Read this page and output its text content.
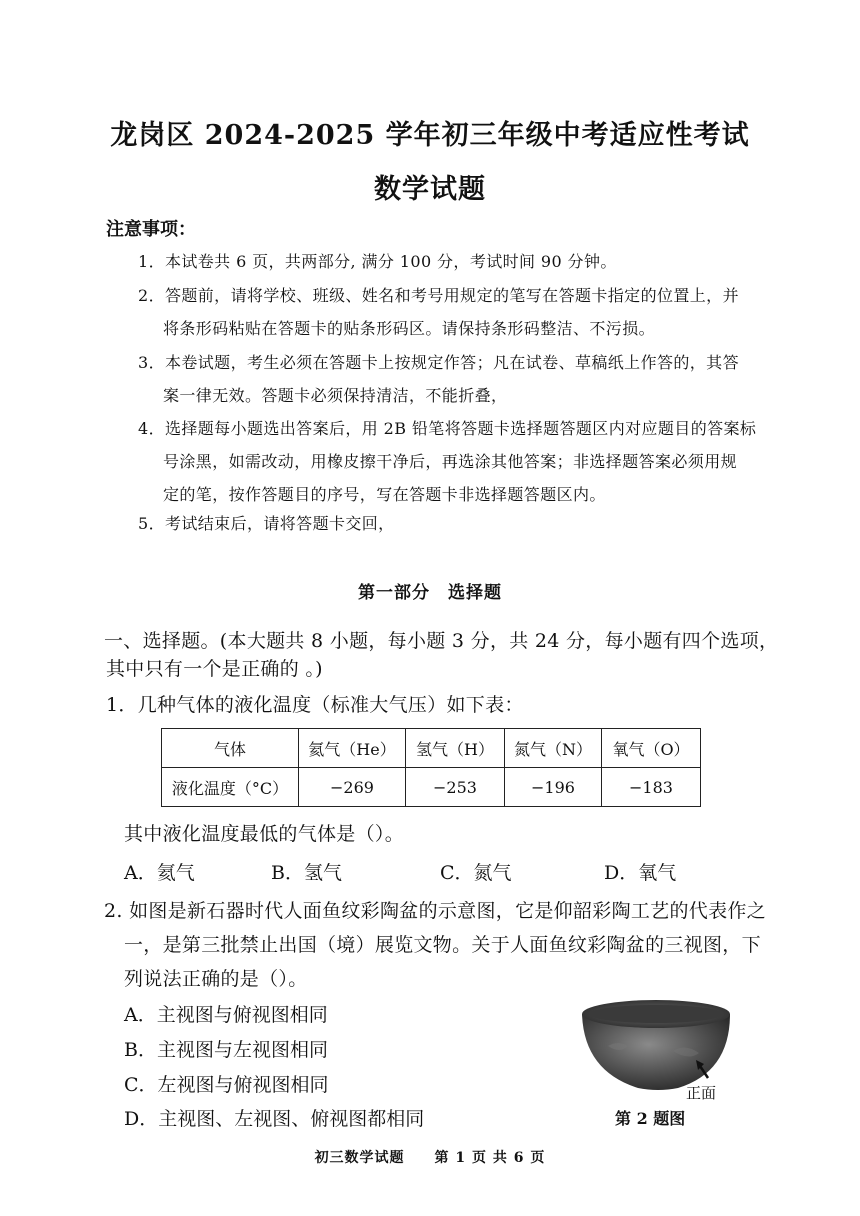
龙岗区 2024-2025 学年初三年级中考适应性考试
数学试题
注意事项：
1．本试卷共 6 页，共两部分, 满分 100 分，考试时间 90 分钟。
2．答题前，请将学校、班级、姓名和考号用规定的笔写在答题卡指定的位置上，并
将条形码粘贴在答题卡的贴条形码区。请保持条形码整洁、不污损。
3．本卷试题，考生必须在答题卡上按规定作答；凡在试卷、草稿纸上作答的，其答
案一律无效。答题卡必须保持清洁，不能折叠，
4．选择题每小题选出答案后，用 2B 铅笔将答题卡选择题答题区内对应题目的答案标
号涂黑，如需改动，用橡皮擦干净后，再选涂其他答案；非选择题答案必须用规
定的笔，按作答题目的序号，写在答题卡非选择题答题区内。
5．考试结束后，请将答题卡交回，
第一部分　选择题
一、选择题。(本大题共 8 小题，每小题 3 分，共 24 分，每小题有四个选项，
其中只有一个是正确的 。)
1．几种气体的液化温度（标准大气压）如下表：
气体	氦气（He）	氢气（H）	氮气（N）	氧气（O）
液化温度（°C）	−269	−253	−196	−183
其中液化温度最低的气体是（）。
A．氦气	B．氢气	C．氮气	D．氧气
2. 如图是新石器时代人面鱼纹彩陶盆的示意图，它是仰韶彩陶工艺的代表作之
一，是第三批禁止出国（境）展览文物。关于人面鱼纹彩陶盆的三视图，下
列说法正确的是（）。
A．主视图与俯视图相同
B．主视图与左视图相同
C．左视图与俯视图相同
D．主视图、左视图、俯视图都相同
正面
第 2 题图
初三数学试题　　第 1 页 共 6 页
